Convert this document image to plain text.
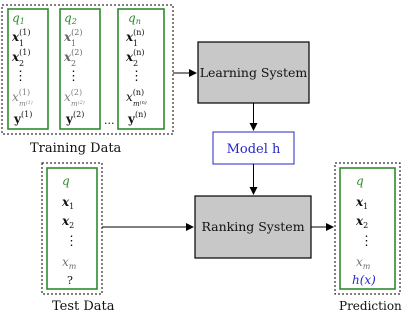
q1
$x^{(1)}$
1
$x^{(1)}$
2
⋮
$x^{(1)}$
$m^{(1)}$
$y^{(1)}$
q2
$x^{(2)}$
1
$x^{(2)}$
2
⋮
$x^{(2)}$
$m^{(2)}$
$y^{(2)}$ ...
qn
$x^{(n)}$
1
$x^{(n)}$
2
⋮
$x^{(n)}$
$m^{(n)}$
$y^{(n)}$
Training Data
Learning System
Model h
Ranking System
q
$x_1$
$x_2$
⋮
$x_m$
?
Test Data
q
$x_1$
$x_2$
⋮
$x_m$
h(x)
Prediction
